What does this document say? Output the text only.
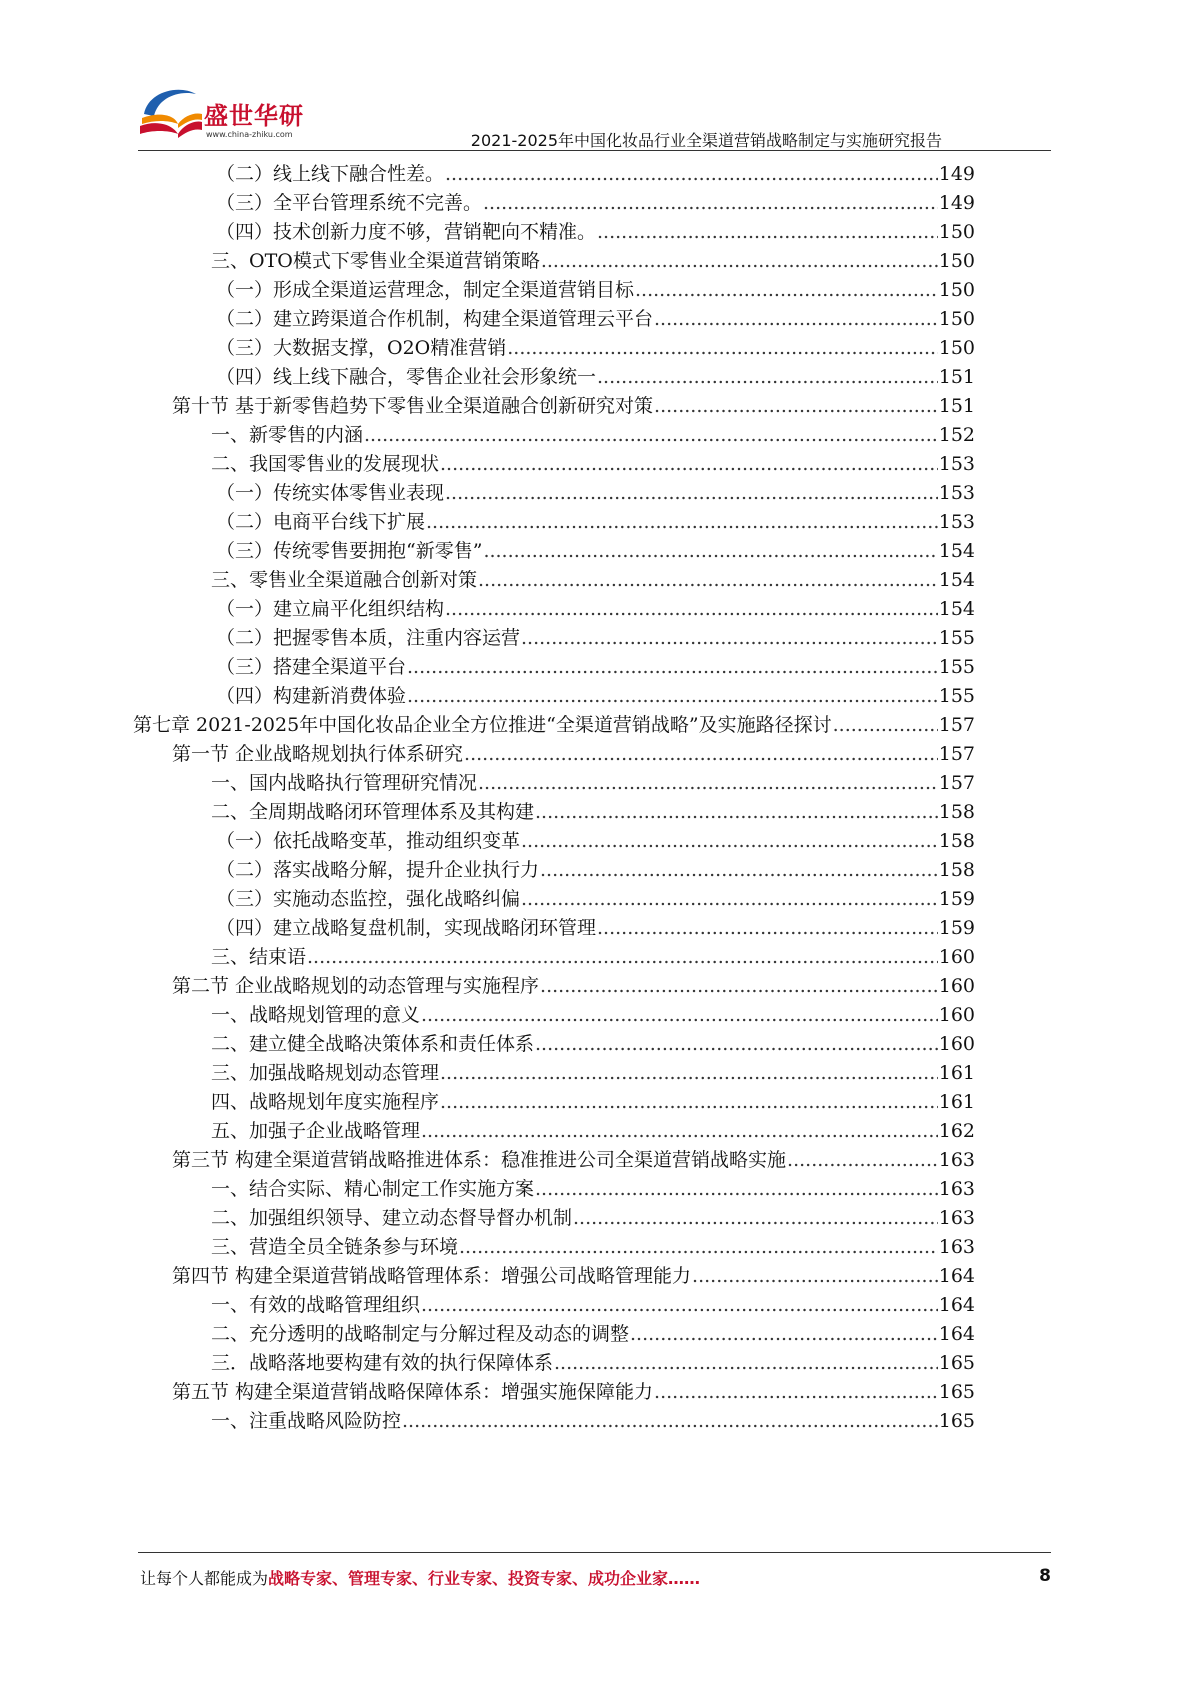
盛世华研
www.china-zhiku.com	2021-2025年中国化妆品行业全渠道营销战略制定与实施研究报告
（二）线上线下融合性差。 .....	149
（三）全平台管理系统不完善。 .....	149
（四）技术创新力度不够，营销靶向不精准。 .....	150
三、OTO模式下零售业全渠道营销策略 .....	150
（一）形成全渠道运营理念，制定全渠道营销目标 .....	150
（二）建立跨渠道合作机制，构建全渠道管理云平台 .....	150
（三）大数据支撑，O2O精准营销 .....	150
（四）线上线下融合，零售企业社会形象统一 .....	151
第十节 基于新零售趋势下零售业全渠道融合创新研究对策 .....	151
一、新零售的内涵 .....	152
二、我国零售业的发展现状 .....	153
（一）传统实体零售业表现 .....	153
（二）电商平台线下扩展 .....	153
（三）传统零售要拥抱“新零售” .....	154
三、零售业全渠道融合创新对策 .....	154
（一）建立扁平化组织结构 .....	154
（二）把握零售本质，注重内容运营 .....	155
（三）搭建全渠道平台 .....	155
（四）构建新消费体验 .....	155
第七章 2021-2025年中国化妆品企业全方位推进“全渠道营销战略”及实施路径探讨 .....	157
第一节 企业战略规划执行体系研究 .....	157
一、国内战略执行管理研究情况 .....	157
二、全周期战略闭环管理体系及其构建 .....	158
（一）依托战略变革，推动组织变革 .....	158
（二）落实战略分解，提升企业执行力 .....	158
（三）实施动态监控，强化战略纠偏 .....	159
（四）建立战略复盘机制，实现战略闭环管理 .....	159
三、结束语 .....	160
第二节 企业战略规划的动态管理与实施程序 .....	160
一、战略规划管理的意义 .....	160
二、建立健全战略决策体系和责任体系 .....	160
三、加强战略规划动态管理 .....	161
四、战略规划年度实施程序 .....	161
五、加强子企业战略管理 .....	162
第三节 构建全渠道营销战略推进体系：稳准推进公司全渠道营销战略实施 .....	163
一、结合实际、精心制定工作实施方案 .....	163
二、加强组织领导、建立动态督导督办机制 .....	163
三、营造全员全链条参与环境 .....	163
第四节 构建全渠道营销战略管理体系：增强公司战略管理能力 .....	164
一、有效的战略管理组织 .....	164
二、充分透明的战略制定与分解过程及动态的调整 .....	164
三．战略落地要构建有效的执行保障体系 .....	165
第五节 构建全渠道营销战略保障体系：增强实施保障能力 .....	165
一、注重战略风险防控 .....	165
让每个人都能成为战略专家、管理专家、行业专家、投资专家、成功企业家……	8
